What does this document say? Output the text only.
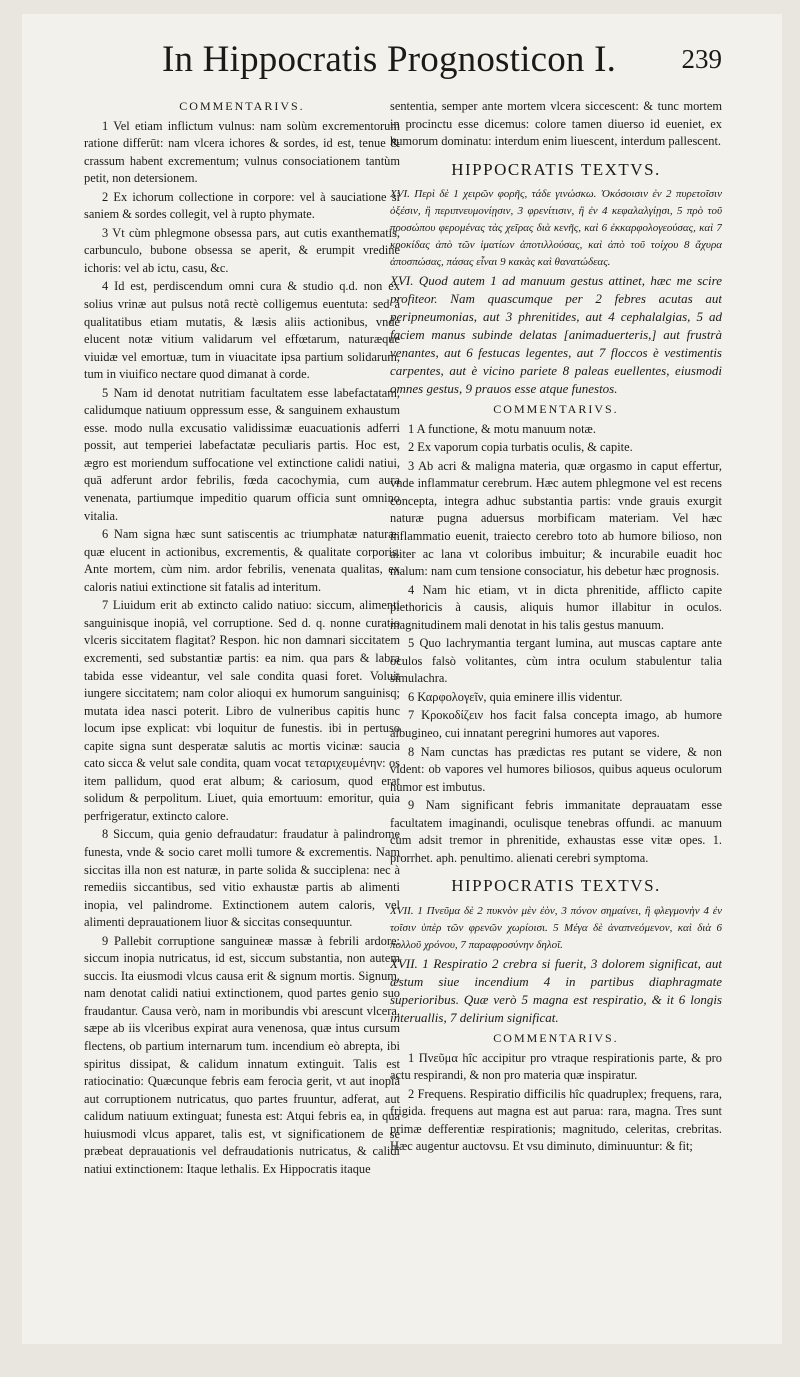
In Hippocratis Prognosticon I. 239

COMMENTARIVS.

1 Vel etiam inflictum vulnus: nam solùm excrementorum ratione differūt: nam vlcera ichores & sordes, id est, tenue & crassum habent excrementum; vulnus consociationem tantùm petit, non detersionem.

2 Ex ichorum collectione in corpore: vel à sauciatione si saniem & sordes collegit, vel à rupto phymate.

3 Vt cùm phlegmone obsessa pars, aut cutis exanthematis, carbunculo, bubone obsessa se aperit, & erumpit vredine ichoris: vel ab ictu, casu, &c.

4 Id est, perdiscendum omni cura & studio q.d. non ex solius vrinæ aut pulsus notâ rectè colligemus euentuta: sed à qualitatibus etiam mutatis, & læsis aliis actionibus, vnde elucent notæ vitium validarum vel effœtarum, naturæque viuidæ vel emortuæ, tum in viuacitate ipsa partium solidarum, tum in viuifico nectare quod dimanat à corde.

5 Nam id denotat nutritiam facultatem esse labefactatam, calidumque natiuum oppressum esse, & sanguinem exhaustum esse. modo nulla excusatio validissimæ euacuationis adferri possit, aut temperiei labefactatæ peculiaris partis. Hoc est, ægro est moriendum suffocatione vel extinctione calidi natiui, quā adferunt ardor febrilis, fœda cacochymia, cum aura venenata, partiumque impeditio quarum officia sunt omnino vitalia.

6 Nam signa hæc sunt satiscentis ac triumphatæ naturæ: quæ elucent in actionibus, excrementis, & qualitate corporis. Ante mortem, cùm nim. ardor febrilis, venenata qualitas, ex caloris natiui extinctione sit fatalis ad interitum.

7 Liuidum erit ab extincto calido natiuo: siccum, alimenti sanguinisque inopiâ, vel corruptione. Sed d. q. nonne curatio vlceris siccitatem flagitat? Respon. hic non damnari siccitatem excrementi, sed substantiæ partis: ea nim. qua pars & labra tabida esse videantur, vel sale condita quasi foret. Voluit iungere siccitatem; nam color alioqui ex humorum sanguinisq; mutata idea nasci poterit. Libro de vulneribus capitis hunc locum ipse explicat: vbi loquitur de funestis. ibi in pertuso capite signa sunt desperatæ salutis ac mortis vicinæ: saucia cato sicca & velut sale condita, quam vocat τεταριχευμένην: os item pallidum, quod erat album; & cariosum, quod erat solidum & perpolitum. Liuet, quia emortuum: emoritur, quia perfrigeratur, extincto calore.

8 Siccum, quia genio defraudatur: fraudatur à palindrome funesta, vnde & socio caret molli tumore & excrementis. Nam siccitas illa non est naturæ, in parte solida & succiplena: nec à remediis siccantibus, sed vitio exhaustæ partis ab alimenti inopia, vel palindrome. Extinctionem autem caloris, vel alimenti deprauationem liuor & siccitas consequuntur.

9 Pallebit corruptione sanguineæ massæ à febrili ardore: siccum inopia nutricatus, id est, siccum substantia, non autem succis. Ita eiusmodi vlcus causa erit & signum mortis. Signum, nam denotat calidi natiui extinctionem, quod partes genio suo fraudantur. Causa verò, nam in moribundis vbi arescunt vlcera, sæpe ab iis vlceribus expirat aura venenosa, quæ intus cursum flectens, ob partium internarum tum. incendium eò abrepta, ibi spiritus dissipat, & calidum innatum extinguit. Talis est ratiocinatio: Quæcunque febris eam ferocia gerit, vt aut inopiâ aut corruptionem nutricatus, quo partes fruuntur, adferat, aut calidum natiuum extinguat; funesta est: Atqui febris ea, in qua huiusmodi vlcus apparet, talis est, vt significationem de se præbeat deprauationis vel defraudationis nutricatus, & calidi natiui extinctionem: Itaque lethalis. Ex Hippocratis itaque

sententia, semper ante mortem vlcera siccescent: & tunc mortem in procinctu esse dicemus: colore tamen diuerso id eueniet, ex humorum dominatu: interdum enim liuescent, interdum pallescent.

HIPPOCRATIS TEXTVS.

XVI. Περὶ δὲ 1 χειρῶν φορῆς, τάδε γινώσκω. Ὁκόσοισιν ἐν 2 πυρετοῖσιν ὀξέσιν, ἢ περιπνευμονίῃσιν, 3 φρενίτισιν, ἢ ἐν 4 κεφαλαλγίῃσι, 5 πρὸ τοῦ προσώπου φερομένας τὰς χεῖρας διὰ κενῆς, καὶ 6 ἐκκαρφολογεούσας, καὶ 7 κροκίδας ἀπὸ τῶν ἱματίων ἀποτιλλούσας, καὶ ἀπὸ τοῦ τοίχου 8 ἄχυρα ἀποσπώσας, πάσας εἶναι 9 κακὰς καὶ θανατώδεας.

XVI. Quod autem 1 ad manuum gestus attinet, hæc me scire profiteor. Nam quascumque per 2 febres acutas aut peripneumonias, aut 3 phrenitides, aut 4 cephalalgias, 5 ad faciem manus subinde delatas [animaduerteris,] aut frustrà venantes, aut 6 festucas legentes, aut 7 floccos è vestimentis carpentes, aut è vicino pariete 8 paleas euellentes, eiusmodi omnes gestus, 9 prauos esse atque funestos.

COMMENTARIVS.

1 A functione, & motu manuum notæ.

2 Ex vaporum copia turbatis oculis, & capite.

3 Ab acri & maligna materia, quæ orgasmo in caput effertur, vnde inflammatur cerebrum. Hæc autem phlegmone vel est recens concepta, integra adhuc substantia partis: vnde grauis exurgit naturæ pugna aduersus morbificam materiam. Vel hæc inflammatio euenit, traiecto cerebro toto ab humore bilioso, non aliter ac lana vt coloribus imbuitur; & incurabile euadit hoc malum: nam cum tensione consociatur, his debetur hæc prognosis.

4 Nam hic etiam, vt in dicta phrenitide, afflicto capite plethoricis à causis, aliquis humor illabitur in oculos. magnitudinem mali denotat in his talis gestus manuum.

5 Quo lachrymantia tergant lumina, aut muscas captare ante oculos falsò volitantes, cùm intra oculum stabulentur talia simulachra.

6 Καρφολογεῖν, quia eminere illis videntur.

7 Κροκοδίζειν hos facit falsa concepta imago, ab humore albugineo, cui innatant peregrini humores aut vapores.

8 Nam cunctas has prædictas res putant se videre, & non vident: ob vapores vel humores biliosos, quibus aqueus oculorum humor est imbutus.

9 Nam significant febris immanitate deprauatam esse facultatem imaginandi, oculisque tenebras offundi. ac manuum cùm adsit tremor in phrenitide, exhaustas esse vitæ opes. 1. prorrhet. aph. penultimo. alienati cerebri symptoma.

HIPPOCRATIS TEXTVS.

XVII. 1 Πνεῦμα δὲ 2 πυκνὸν μὲν ἐὸν, 3 πόνον σημαίνει, ἢ φλεγμονὴν 4 ἐν τοῖσιν ὑπὲρ τῶν φρενῶν χωρίοισι. 5 Μέγα δὲ ἀναπνεόμενον, καὶ διὰ 6 πολλοῦ χρόνου, 7 παραφροσύνην δηλοῖ.

XVII. 1 Respiratio 2 crebra si fuerit, 3 dolorem significat, aut æstum siue incendium 4 in partibus diaphragmate superioribus. Quæ verò 5 magna est respiratio, & it 6 longis interuallis, 7 delirium significat.

COMMENTARIVS.

1 Πνεῦμα hîc accipitur pro vtraque respirationis parte, & pro actu respirandi, & non pro materia quæ inspiratur.

2 Frequens. Respiratio difficilis hîc quadruplex; frequens, rara, frigida. frequens aut magna est aut parua: rara, magna. Tres sunt primæ defferentiæ respirationis; magnitudo, celeritas, crebritas. Hæc augentur auctovsu. Et vsu diminuto, diminuuntur: & fit;
